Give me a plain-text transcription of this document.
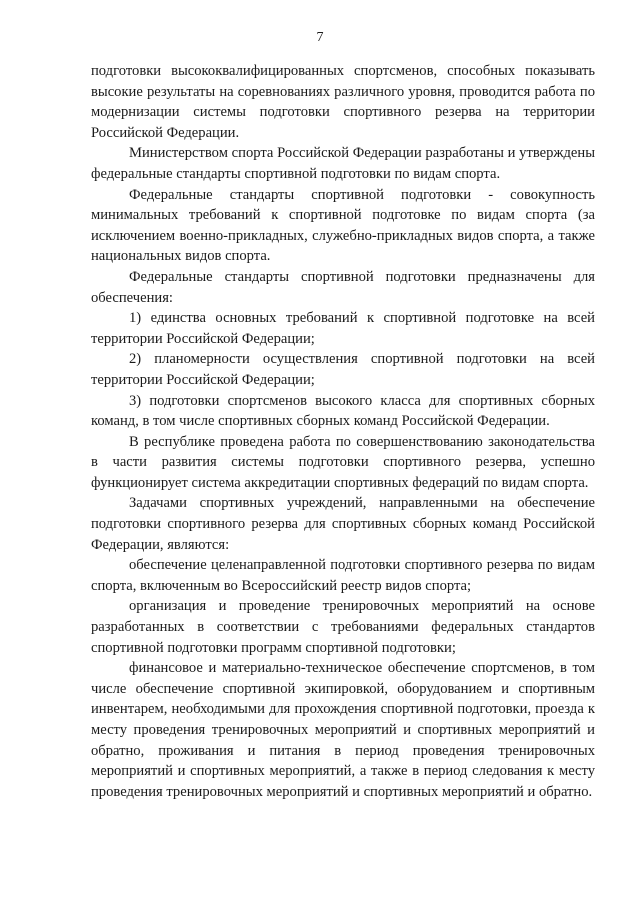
7

подготовки высококвалифицированных спортсменов, способных показывать высокие результаты на соревнованиях различного уровня, проводится работа по модернизации системы подготовки спортивного резерва на территории Российской Федерации.

Министерством спорта Российской Федерации разработаны и утверждены федеральные стандарты спортивной подготовки по видам спорта.

Федеральные стандарты спортивной подготовки - совокупность минимальных требований к спортивной подготовке по видам спорта (за исключением военно-прикладных, служебно-прикладных видов спорта, а также национальных видов спорта.

Федеральные стандарты спортивной подготовки предназначены для обеспечения:

1) единства основных требований к спортивной подготовке на всей территории Российской Федерации;

2) планомерности осуществления спортивной подготовки на всей территории Российской Федерации;

3) подготовки спортсменов высокого класса для спортивных сборных команд, в том числе спортивных сборных команд Российской Федерации.

В республике проведена работа по совершенствованию законодательства в части развития системы подготовки спортивного резерва, успешно функционирует система аккредитации спортивных федераций по видам спорта.

Задачами спортивных учреждений, направленными на обеспечение подготовки спортивного резерва для спортивных сборных команд Российской Федерации, являются:

обеспечение целенаправленной подготовки спортивного резерва по видам спорта, включенным во Всероссийский реестр видов спорта;

организация и проведение тренировочных мероприятий на основе разработанных в соответствии с требованиями федеральных стандартов спортивной подготовки программ спортивной подготовки;

финансовое и материально-техническое обеспечение спортсменов, в том числе обеспечение спортивной экипировкой, оборудованием и спортивным инвентарем, необходимыми для прохождения спортивной подготовки, проезда к месту проведения тренировочных мероприятий и спортивных мероприятий и обратно, проживания и питания в период проведения тренировочных мероприятий и спортивных мероприятий, а также в период следования к месту проведения тренировочных мероприятий и спортивных мероприятий и обратно.
